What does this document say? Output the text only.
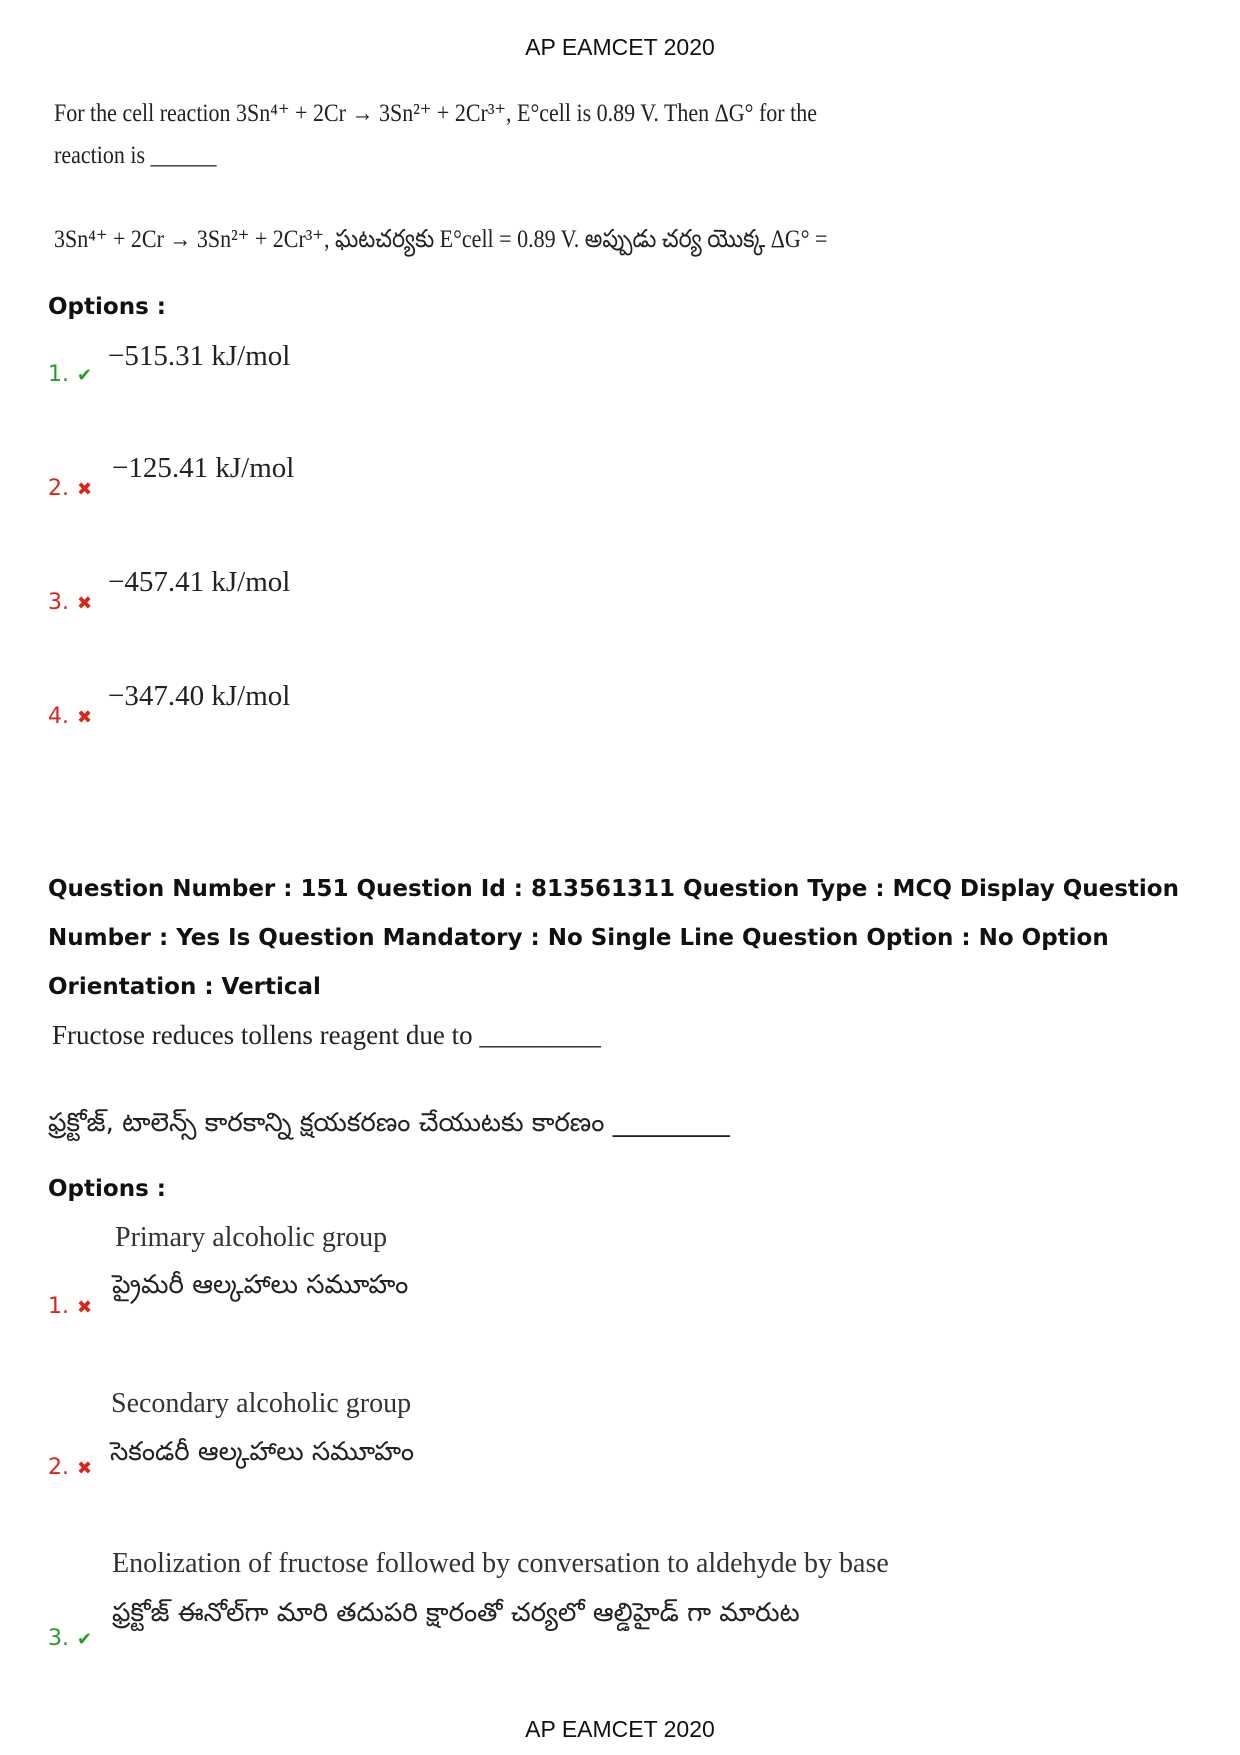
AP EAMCET 2020
For the cell reaction 3Sn⁴⁺ + 2Cr → 3Sn²⁺ + 2Cr³⁺, E°cell is 0.89 V. Then ΔG° for the
reaction is ______
3Sn⁴⁺ + 2Cr → 3Sn²⁺ + 2Cr³⁺, ఘటచర్యకు E°cell = 0.89 V. అప్పుడు చర్య యొక్క ΔG° =
Options :
1. ✔
−515.31 kJ/mol
2. ✖
−125.41 kJ/mol
3. ✖
−457.41 kJ/mol
4. ✖
−347.40 kJ/mol
Question Number : 151 Question Id : 813561311 Question Type : MCQ Display Question
Number : Yes Is Question Mandatory : No Single Line Question Option : No Option
Orientation : Vertical
Fructose reduces tollens reagent due to _________
ఫ్రక్టోజ్, టాలెన్స్ కారకాన్ని క్షయకరణం చేయుటకు కారణం _________
Options :
Primary alcoholic group
ప్రైమరీ ఆల్కహాలు సమూహం
1. ✖
Secondary alcoholic group
సెకండరీ ఆల్కహాలు సమూహం
2. ✖
Enolization of fructose followed by conversation to aldehyde by base
ఫ్రక్టోజ్ ఈనోల్‌గా మారి తదుపరి క్షారంతో చర్యలో ఆల్డిహైడ్ గా మారుట
3. ✔
AP EAMCET 2020
